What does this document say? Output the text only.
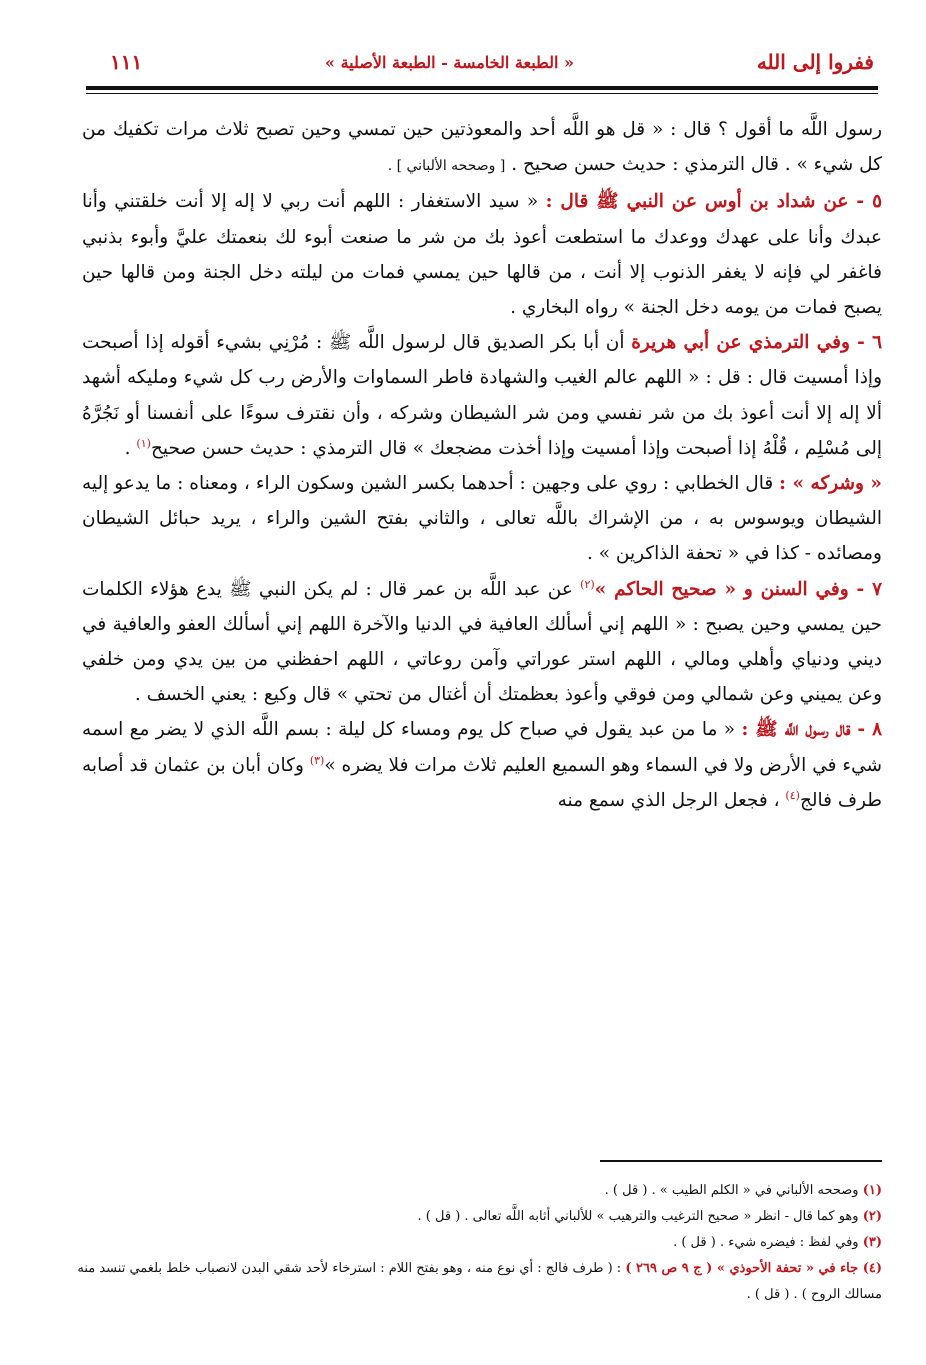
ففروا إلى الله
« الطبعة الخامسة - الطبعة الأصلية »
١١١

رسول اللَّه ما أقول ؟ قال : « قل هو اللَّه أحد والمعوذتين حين تمسي وحين تصبح ثلاث مرات تكفيك من كل شيء » . قال الترمذي : حديث حسن صحيح . [ وصححه الألباني ] .

٥ - عن شداد بن أوس عن النبي ﷺ قال : « سيد الاستغفار : اللهم أنت ربي لا إله إلا أنت خلقتني وأنا عبدك وأنا على عهدك ووعدك ما استطعت أعوذ بك من شر ما صنعت أبوء لك بنعمتك عليَّ وأبوء بذنبي فاغفر لي فإنه لا يغفر الذنوب إلا أنت ، من قالها حين يمسي فمات من ليلته دخل الجنة ومن قالها حين يصبح فمات من يومه دخل الجنة » رواه البخاري .

٦ - وفي الترمذي عن أبي هريرة أن أبا بكر الصديق قال لرسول اللَّه ﷺ : مُرْنِي بشيء أقوله إذا أصبحت وإذا أمسيت قال : قل : « اللهم عالم الغيب والشهادة فاطر السماوات والأرض رب كل شيء ومليكه أشهد ألا إله إلا أنت أعوذ بك من شر نفسي ومن شر الشيطان وشركه ، وأن نقترف سوءًا على أنفسنا أو نَجُرَّهُ إلى مُسْلِم ، قُلْهُ إذا أصبحت وإذا أمسيت وإذا أخذت مضجعك » قال الترمذي : حديث حسن صحيح$^{(١)}$ .

« وشركه » : قال الخطابي : روي على وجهين : أحدهما بكسر الشين وسكون الراء ، ومعناه : ما يدعو إليه الشيطان ويوسوس به ، من الإشراك باللَّه تعالى ، والثاني بفتح الشين والراء ، يريد حبائل الشيطان ومصائده - كذا في « تحفة الذاكرين » .

٧ - وفي السنن و « صحيح الحاكم »$^{(٢)}$ عن عبد اللَّه بن عمر قال : لم يكن النبي ﷺ يدع هؤلاء الكلمات حين يمسي وحين يصبح : « اللهم إني أسألك العافية في الدنيا والآخرة اللهم إني أسألك العفو والعافية في ديني ودنياي وأهلي ومالي ، اللهم استر عوراتي وآمن روعاتي ، اللهم احفظني من بين يدي ومن خلفي وعن يميني وعن شمالي ومن فوقي وأعوذ بعظمتك أن أغتال من تحتي » قال وكيع : يعني الخسف .

٨ - قال رسول اللَّه ﷺ : « ما من عبد يقول في صباح كل يوم ومساء كل ليلة : بسم اللَّه الذي لا يضر مع اسمه شيء في الأرض ولا في السماء وهو السميع العليم ثلاث مرات فلا يضره »$^{(٣)}$ وكان أبان بن عثمان قد أصابه طرف فالج$^{(٤)}$ ، فجعل الرجل الذي سمع منه

(١) وصححه الألباني في « الكلم الطيب » . ( قل ) .

(٢) وهو كما قال - انظر « صحيح الترغيب والترهيب » للألباني أثابه اللَّه تعالى . ( قل ) .

(٣) وفي لفظ : فيضره شيء . ( قل ) .

(٤) جاء في « تحفة الأحوذي » ( ج ٩ ص ٢٦٩ ) : ( طرف فالج : أي نوع منه ، وهو بفتح اللام : استرخاء لأحد شقي البدن لانصباب خلط بلغمي تنسد منه مسالك الروح ) . ( قل ) .
